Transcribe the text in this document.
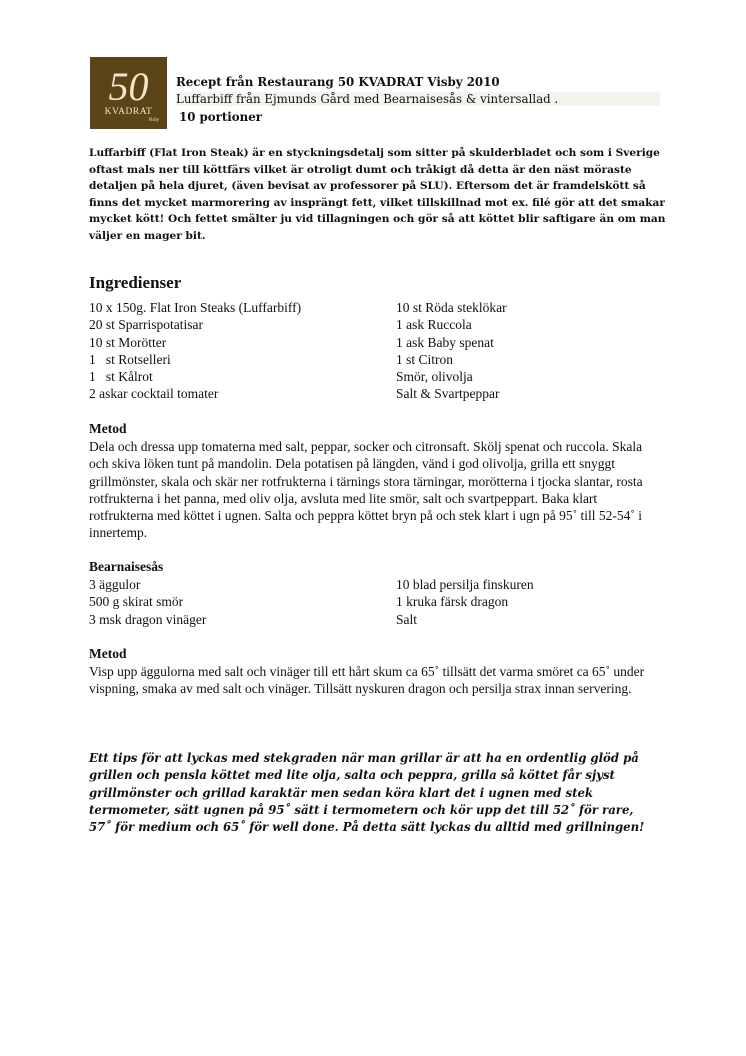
50
KVADRAT
Visby
Recept från Restaurang 50 KVADRAT Visby 2010
Luffarbiff från Ejmunds Gård med Bearnaisesås & vintersallad .
10 portioner

Luffarbiff (Flat Iron Steak) är en styckningsdetalj som sitter på skulderbladet och som i Sverige oftast mals ner till köttfärs vilket är otroligt dumt och tråkigt då detta är den näst möraste detaljen på hela djuret, (även bevisat av professorer på SLU). Eftersom det är framdelskött så finns det mycket marmorering av insprängt fett, vilket tillskillnad mot ex. filé gör att det smakar mycket kött! Och fettet smälter ju vid tillagningen och gör så att köttet blir saftigare än om man väljer en mager bit.

Ingredienser
10 x 150g. Flat Iron Steaks (Luffarbiff)
20 st Sparrispotatisar
10 st Morötter
1   st Rotselleri
1   st Kålrot
2 askar cocktail tomater
10 st Röda steklökar
1 ask Ruccola
1 ask Baby spenat
1 st Citron
Smör, olivolja
Salt & Svartpeppar
Metod

Dela och dressa upp tomaterna med salt, peppar, socker och citronsaft. Skölj spenat och ruccola. Skala och skiva löken tunt på mandolin. Dela potatisen på längden, vänd i god olivolja, grilla ett snyggt grillmönster, skala och skär ner rotfrukterna i tärnings stora tärningar, morötterna i tjocka slantar, rosta rotfrukterna i het panna, med oliv olja, avsluta med lite smör, salt och svartpeppart. Baka klart rotfrukterna med köttet i ugnen. Salta och peppra köttet bryn på och stek klart i ugn på 95˚ till 52-54˚ i innertemp.

Bearnaisesås
3 äggulor
500 g skirat smör
3 msk dragon vinäger
10 blad persilja finskuren
1 kruka färsk dragon
Salt
Metod

Visp upp äggulorna med salt och vinäger till ett hårt skum ca 65˚ tillsätt det varma smöret ca 65˚ under vispning, smaka av med salt och vinäger. Tillsätt nyskuren dragon och persilja strax innan servering.

Ett tips för att lyckas med stekgraden när man grillar är att ha en ordentlig glöd på grillen och pensla köttet med lite olja, salta och peppra, grilla så köttet får sjyst grillmönster och grillad karaktär men sedan köra klart det i ugnen med stek termometer, sätt ugnen på 95˚ sätt i termometern och kör upp det till 52˚ för rare, 57˚ för medium och 65˚ för well done. På detta sätt lyckas du alltid med grillningen!
